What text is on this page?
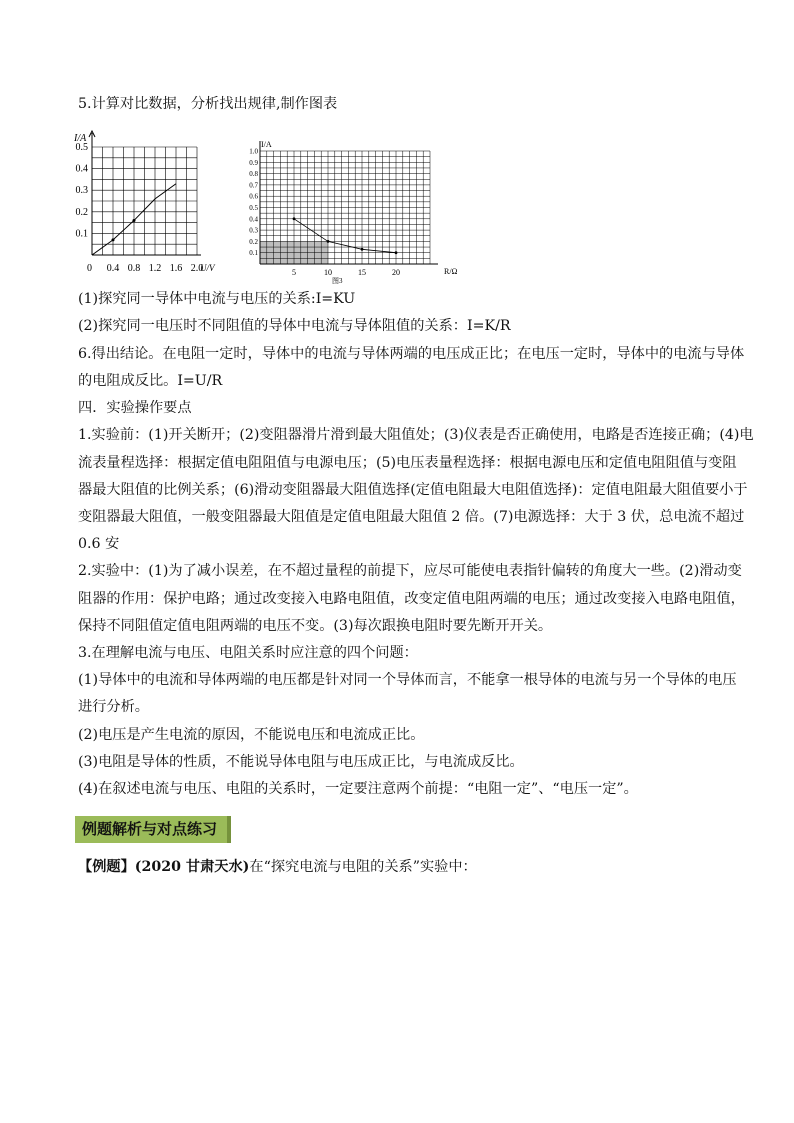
5.计算对比数据，分析找出规律,制作图表
I/A
0	U/V
0.4 0.8 1.2 1.6 2.0
0.1
0.2
0.3
0.4
0.5	I/A
R/Ω
图3
5	10	15	20
0.1
0.2
0.3
0.4
0.5
0.6
0.7
0.8
0.9
1.0
(1)探究同一导体中电流与电压的关系:I=KU
(2)探究同一电压时不同阻值的导体中电流与导体阻值的关系：I=K/R
6.得出结论。在电阻一定时，导体中的电流与导体两端的电压成正比；在电压一定时，导体中的电流与导体
的电阻成反比。I=U/R
四．实验操作要点
1.实验前：(1)开关断开；(2)变阻器滑片滑到最大阻值处；(3)仪表是否正确使用，电路是否连接正确；(4)电
流表量程选择：根据定值电阻阻值与电源电压；(5)电压表量程选择：根据电源电压和定值电阻阻值与变阻
器最大阻值的比例关系；(6)滑动变阻器最大阻值选择(定值电阻最大电阻值选择)：定值电阻最大阻值要小于
变阻器最大阻值，一般变阻器最大阻值是定值电阻最大阻值 2 倍。(7)电源选择：大于 3 伏，总电流不超过
0.6 安
2.实验中：(1)为了减小误差，在不超过量程的前提下，应尽可能使电表指针偏转的角度大一些。(2)滑动变
阻器的作用：保护电路；通过改变接入电路电阻值，改变定值电阻两端的电压；通过改变接入电路电阻值，
保持不同阻值定值电阻两端的电压不变。(3)每次跟换电阻时要先断开开关。
3.在理解电流与电压、电阻关系时应注意的四个问题：
(1)导体中的电流和导体两端的电压都是针对同一个导体而言，不能拿一根导体的电流与另一个导体的电压
进行分析。
(2)电压是产生电流的原因，不能说电压和电流成正比。
(3)电阻是导体的性质，不能说导体电阻与电压成正比，与电流成反比。
(4)在叙述电流与电压、电阻的关系时，一定要注意两个前提：“电阻一定”、“电压一定”。
例题解析与对点练习
【例题】(2020 甘肃天水)在“探究电流与电阻的关系”实验中：
